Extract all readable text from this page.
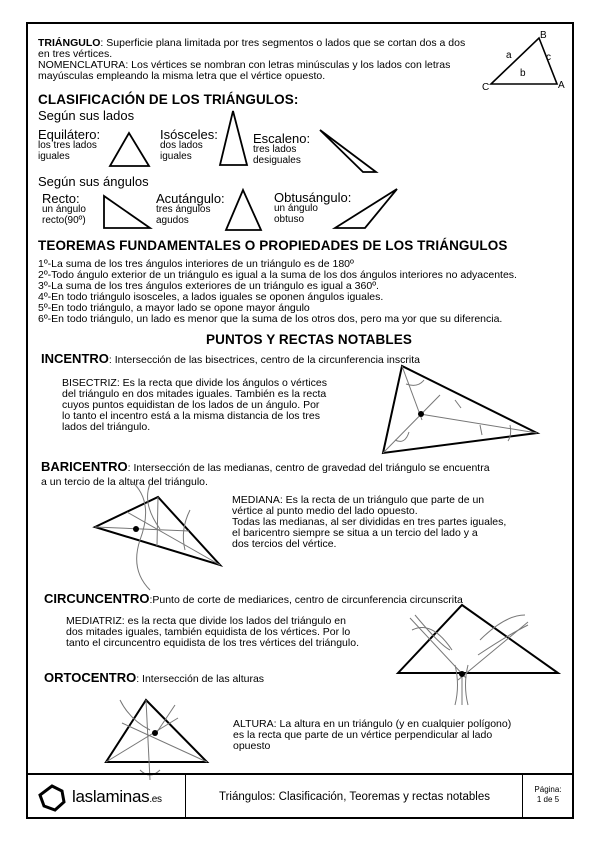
TRIÁNGULO: Superficie plana limitada por tres segmentos o lados que se cortan dos a dos en tres vértices.
NOMENCLATURA: Los vértices se nombran con letras minúsculas y los lados con letras mayúsculas empleando la misma letra que el vértice opuesto.
B
C	A
a	c
b
CLASIFICACIÓN DE LOS TRIÁNGULOS:
Según sus lados
Equilátero:
los tres lados
iguales
Isósceles:
dos lados
iguales
Escaleno:
tres lados
desiguales
Según sus ángulos
Recto:
un ángulo
recto(90º)
Acutángulo:
tres ángulos
agudos
Obtusángulo:
un ángulo
obtuso
TEOREMAS FUNDAMENTALES O PROPIEDADES DE LOS TRIÁNGULOS
1º-La suma de los tres ángulos interiores de un triángulo es de 180º
2º-Todo ángulo exterior de un triángulo es igual a la suma de los dos ángulos interiores no adyacentes.
3º-La suma de los tres ángulos exteriores de un triángulo es igual a 360º.
4º-En todo triángulo isosceles, a lados iguales se oponen ángulos iguales.
5º-En todo triángulo, a mayor lado se opone mayor ángulo
6º-En todo triángulo, un lado es menor que la suma de los otros dos, pero ma yor que su diferencia.
PUNTOS Y RECTAS NOTABLES
INCENTRO: Intersección de las bisectrices, centro de la circunferencia inscrita
BISECTRIZ: Es la recta que divide los ángulos o vértices
del triángulo en dos mitades iguales. También es la recta
cuyos puntos equidistan de los lados de un ángulo. Por
lo tanto el incentro está a la misma distancia de los tres
lados del triángulo.
BARICENTRO: Intersección de las medianas, centro de gravedad del triángulo se encuentra
a un tercio de la altura del triángulo.
MEDIANA: Es la recta de un triángulo que parte de un
vértice al punto medio del lado opuesto.
Todas las medianas, al ser divididas en tres partes iguales,
el baricentro siempre se situa a un tercio del lado y a
dos tercios del vértice.
CIRCUNCENTRO:Punto de corte de mediarices, centro de circunferencia circunscrita
MEDIATRIZ: es la recta que divide los lados del triángulo en
dos mitades iguales, también equidista de los vértices. Por lo
tanto el circuncentro equidista de los tres vértices del triángulo.
ORTOCENTRO: Intersección de las alturas
ALTURA: La altura en un triángulo (y en cualquier polígono)
es la recta que parte de un vértice perpendicular al lado
opuesto
laslaminas.es	Triángulos: Clasificación, Teoremas y rectas notables
Página:
1 de 5
